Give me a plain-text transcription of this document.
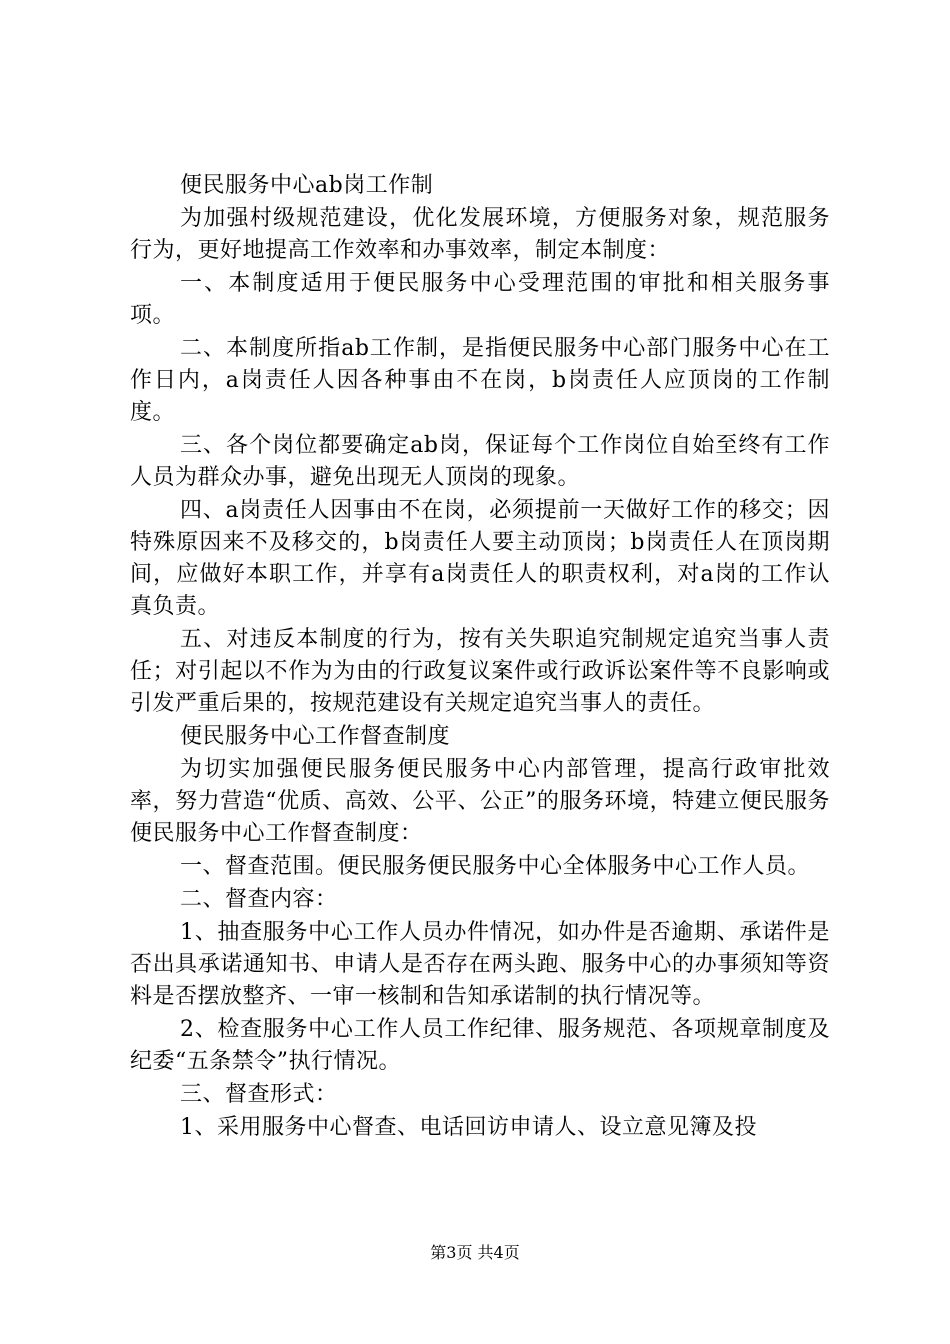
便民服务中心ab岗工作制

为加强村级规范建设，优化发展环境，方便服务对象，规范服务行为，更好地提高工作效率和办事效率，制定本制度：

一、本制度适用于便民服务中心受理范围的审批和相关服务事项。

二、本制度所指ab工作制，是指便民服务中心部门服务中心在工作日内，a岗责任人因各种事由不在岗，b岗责任人应顶岗的工作制度。

三、各个岗位都要确定ab岗，保证每个工作岗位自始至终有工作人员为群众办事，避免出现无人顶岗的现象。

四、a岗责任人因事由不在岗，必须提前一天做好工作的移交；因特殊原因来不及移交的，b岗责任人要主动顶岗；b岗责任人在顶岗期间，应做好本职工作，并享有a岗责任人的职责权利，对a岗的工作认真负责。

五、对违反本制度的行为，按有关失职追究制规定追究当事人责任；对引起以不作为为由的行政复议案件或行政诉讼案件等不良影响或引发严重后果的，按规范建设有关规定追究当事人的责任。

便民服务中心工作督查制度

为切实加强便民服务便民服务中心内部管理，提高行政审批效率，努力营造“优质、高效、公平、公正”的服务环境，特建立便民服务便民服务中心工作督查制度：

一、督查范围。便民服务便民服务中心全体服务中心工作人员。

二、督查内容：

1、抽查服务中心工作人员办件情况，如办件是否逾期、承诺件是否出具承诺通知书、申请人是否存在两头跑、服务中心的办事须知等资料是否摆放整齐、一审一核制和告知承诺制的执行情况等。

2、检查服务中心工作人员工作纪律、服务规范、各项规章制度及纪委“五条禁令”执行情况。

三、督查形式：

1、采用服务中心督查、电话回访申请人、设立意见簿及投

第3页 共4页
